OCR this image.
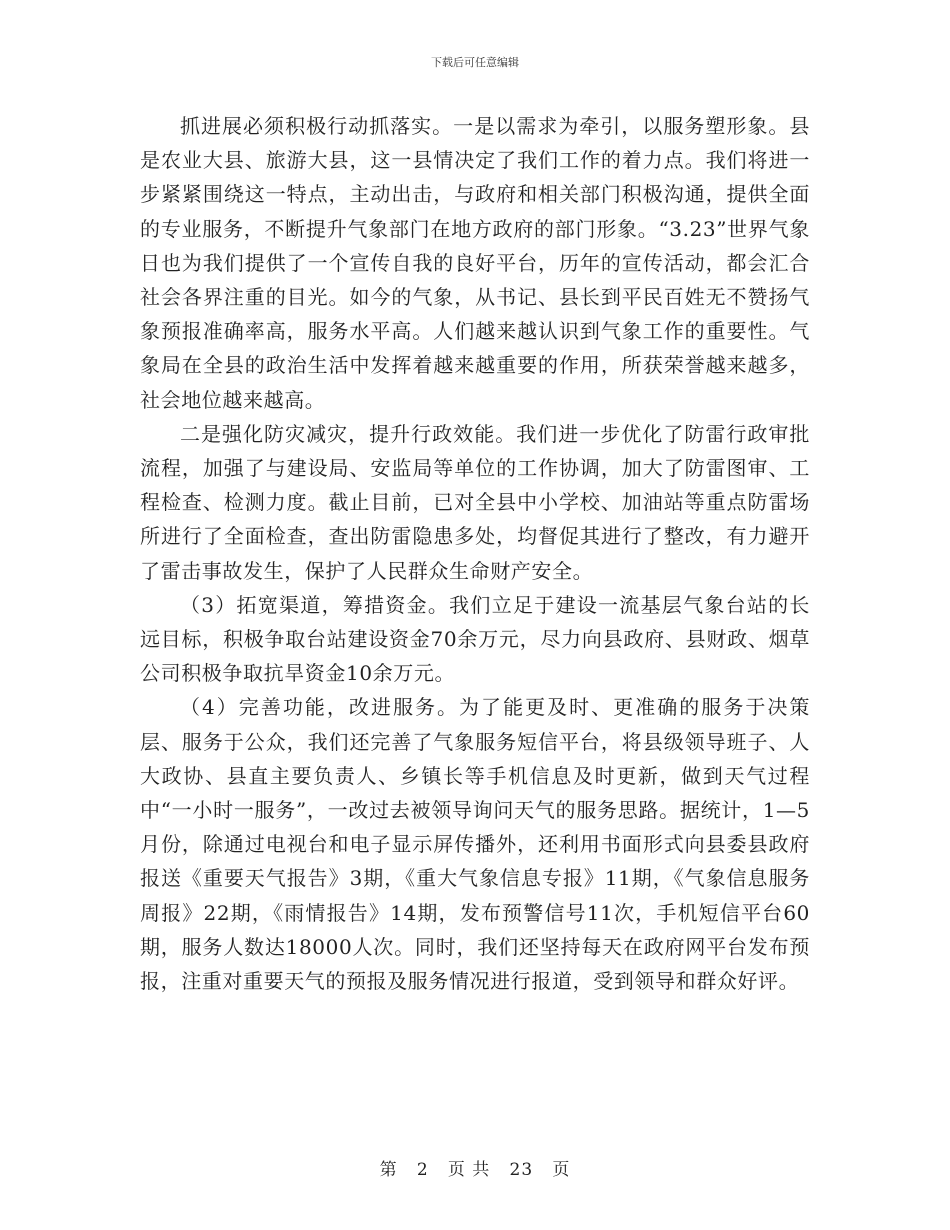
下载后可任意编辑

抓进展必须积极行动抓落实。一是以需求为牵引，以服务塑形象。县是农业大县、旅游大县，这一县情决定了我们工作的着力点。我们将进一步紧紧围绕这一特点，主动出击，与政府和相关部门积极沟通，提供全面的专业服务，不断提升气象部门在地方政府的部门形象。“3.23”世界气象日也为我们提供了一个宣传自我的良好平台，历年的宣传活动，都会汇合社会各界注重的目光。如今的气象，从书记、县长到平民百姓无不赞扬气象预报准确率高，服务水平高。人们越来越认识到气象工作的重要性。气象局在全县的政治生活中发挥着越来越重要的作用，所获荣誉越来越多，社会地位越来越高。

二是强化防灾减灾，提升行政效能。我们进一步优化了防雷行政审批流程，加强了与建设局、安监局等单位的工作协调，加大了防雷图审、工程检查、检测力度。截止目前，已对全县中小学校、加油站等重点防雷场所进行了全面检查，查出防雷隐患多处，均督促其进行了整改，有力避开了雷击事故发生，保护了人民群众生命财产安全。

（3）拓宽渠道，筹措资金。我们立足于建设一流基层气象台站的长远目标，积极争取台站建设资金70余万元，尽力向县政府、县财政、烟草公司积极争取抗旱资金10余万元。

（4）完善功能，改进服务。为了能更及时、更准确的服务于决策层、服务于公众，我们还完善了气象服务短信平台，将县级领导班子、人大政协、县直主要负责人、乡镇长等手机信息及时更新，做到天气过程中“一小时一服务”，一改过去被领导询问天气的服务思路。据统计，1—5月份，除通过电视台和电子显示屏传播外，还利用书面形式向县委县政府报送《重要天气报告》3期，《重大气象信息专报》11期，《气象信息服务周报》22期，《雨情报告》14期，发布预警信号11次，手机短信平台60期，服务人数达18000人次。同时，我们还坚持每天在政府网平台发布预报，注重对重要天气的预报及服务情况进行报道，受到领导和群众好评。

第 2 页 共 23 页
